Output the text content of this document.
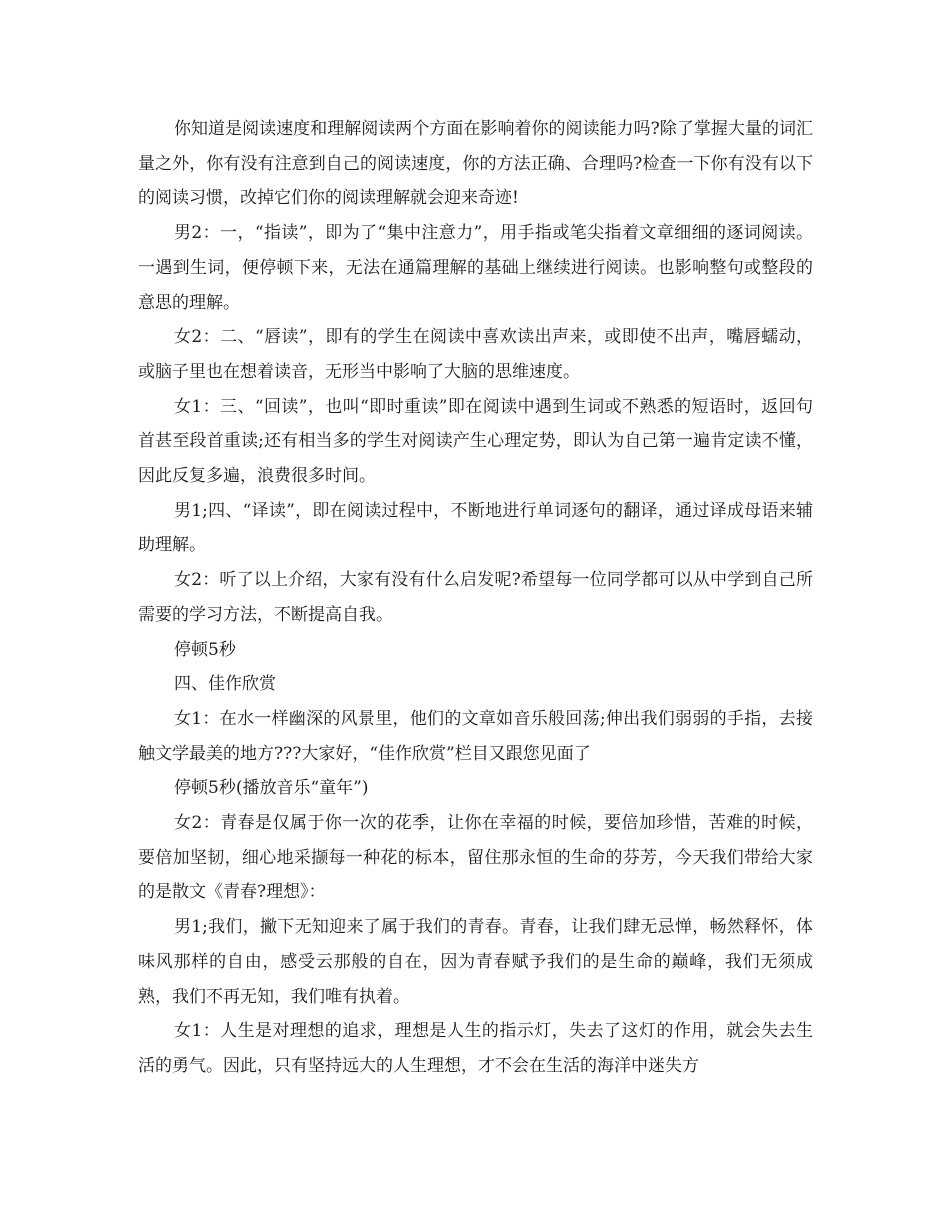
你知道是阅读速度和理解阅读两个方面在影响着你的阅读能力吗?除了掌握大量的词汇量之外，你有没有注意到自己的阅读速度，你的方法正确、合理吗?检查一下你有没有以下的阅读习惯，改掉它们你的阅读理解就会迎来奇迹!

男2：一，“指读”，即为了“集中注意力”，用手指或笔尖指着文章细细的逐词阅读。一遇到生词，便停顿下来，无法在通篇理解的基础上继续进行阅读。也影响整句或整段的意思的理解。

女2：二、“唇读”，即有的学生在阅读中喜欢读出声来，或即使不出声，嘴唇蠕动，或脑子里也在想着读音，无形当中影响了大脑的思维速度。

女1：三、“回读”，也叫“即时重读”即在阅读中遇到生词或不熟悉的短语时，返回句首甚至段首重读;还有相当多的学生对阅读产生心理定势，即认为自己第一遍肯定读不懂，因此反复多遍，浪费很多时间。

男1;四、“译读”，即在阅读过程中，不断地进行单词逐句的翻译，通过译成母语来辅助理解。

女2：听了以上介绍，大家有没有什么启发呢?希望每一位同学都可以从中学到自己所需要的学习方法，不断提高自我。

停顿5秒

四、佳作欣赏

女1：在水一样幽深的风景里，他们的文章如音乐般回荡;伸出我们弱弱的手指，去接触文学最美的地方???大家好，“佳作欣赏”栏目又跟您见面了

停顿5秒(播放音乐“童年”)

女2：青春是仅属于你一次的花季，让你在幸福的时候，要倍加珍惜，苦难的时候，要倍加坚韧，细心地采撷每一种花的标本，留住那永恒的生命的芬芳，今天我们带给大家的是散文《青春?理想》：

男1;我们，撇下无知迎来了属于我们的青春。青春，让我们肆无忌惮，畅然释怀，体味风那样的自由，感受云那般的自在，因为青春赋予我们的是生命的巅峰，我们无须成熟，我们不再无知，我们唯有执着。

女1：人生是对理想的追求，理想是人生的指示灯，失去了这灯的作用，就会失去生活的勇气。因此，只有坚持远大的人生理想，才不会在生活的海洋中迷失方
